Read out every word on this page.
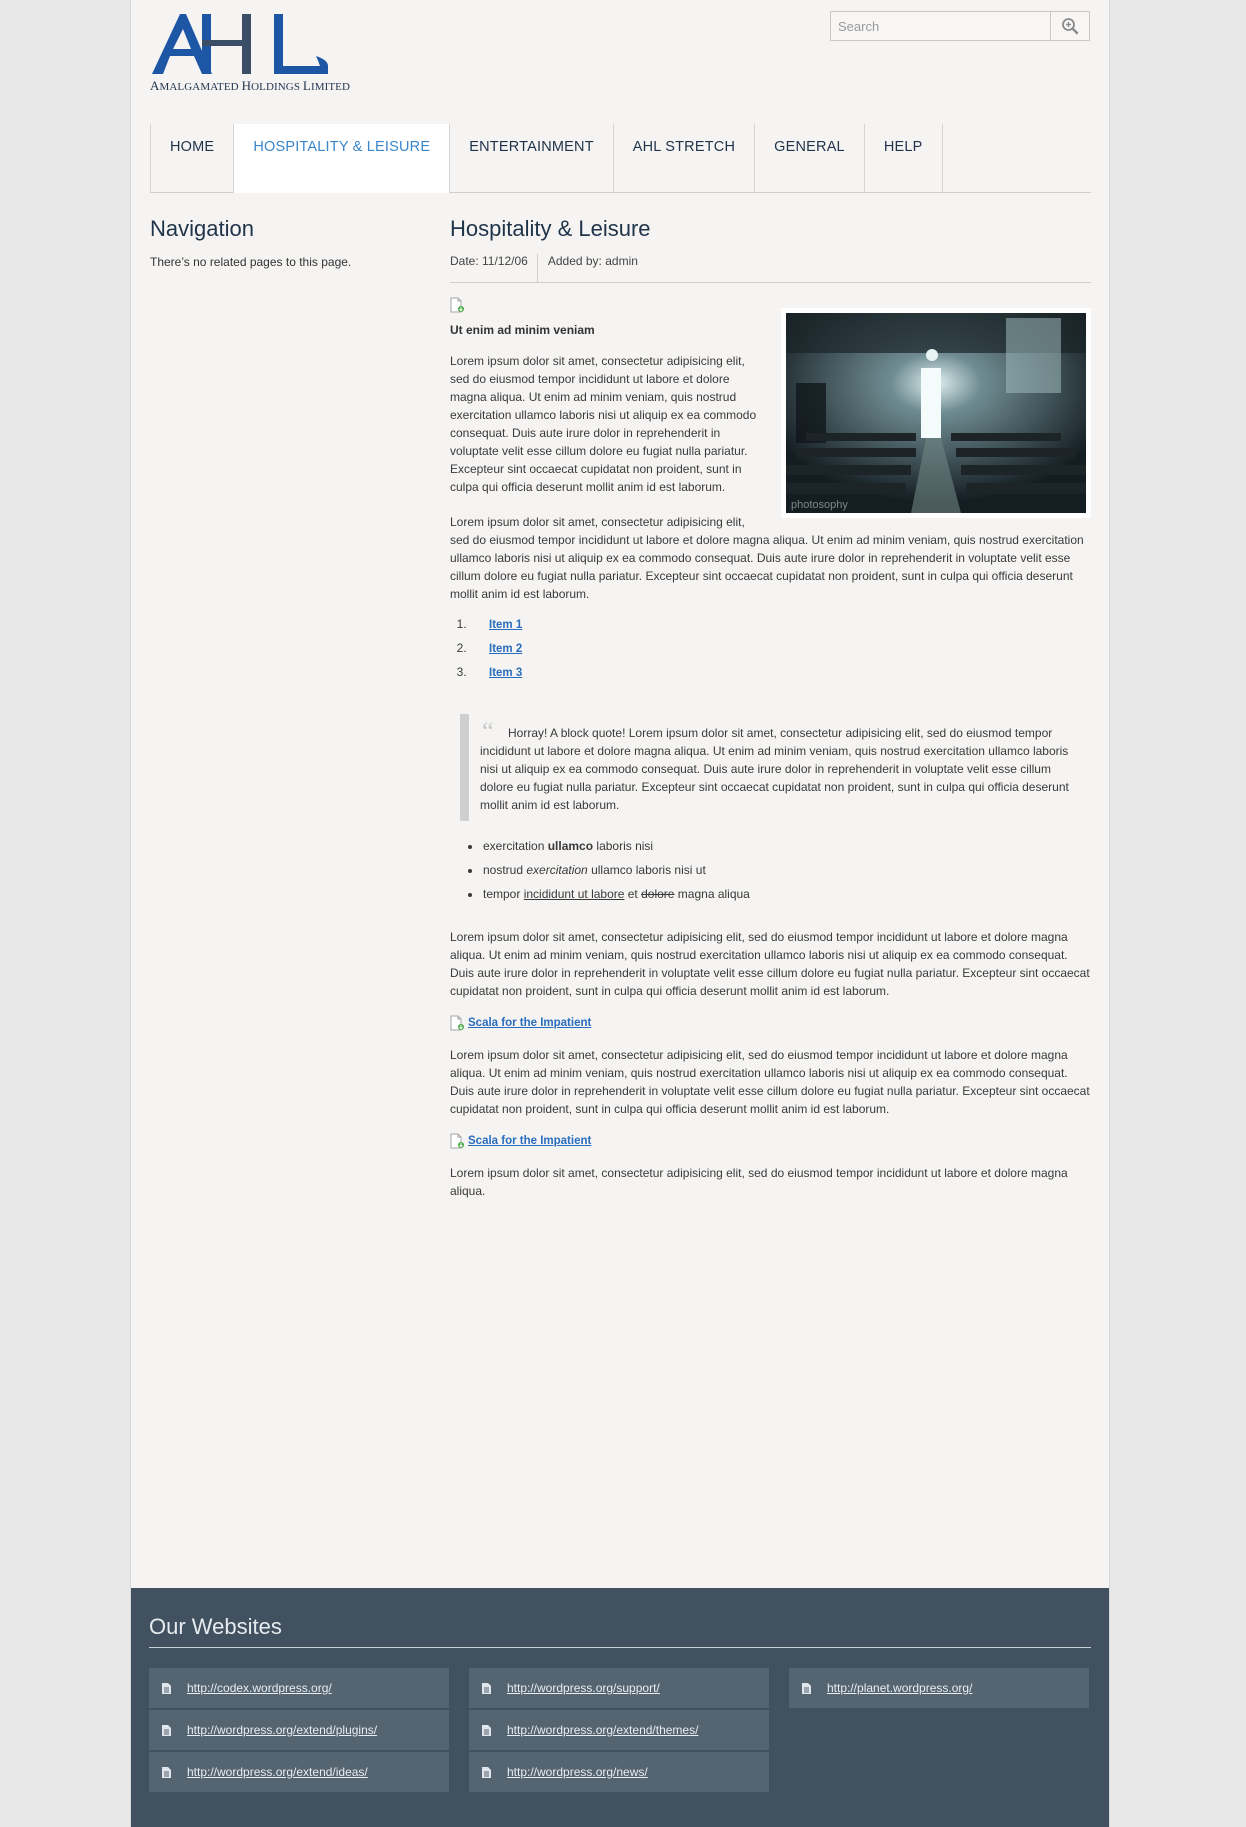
AMALGAMATED HOLDINGS LIMITED
Search
HOME	HOSPITALITY & LEISURE	ENTERTAINMENT	AHL STRETCH	GENERAL	HELP
Navigation
There’s no related pages to this page.
Hospitality & Leisure
Date: 11/12/06	Added by: admin
Ut enim ad minim veniam
Lorem ipsum dolor sit amet, consectetur adipisicing elit, sed do eiusmod tempor incididunt ut labore et dolore magna aliqua. Ut enim ad minim veniam, quis nostrud exercitation ullamco laboris nisi ut aliquip ex ea commodo consequat. Duis aute irure dolor in reprehenderit in voluptate velit esse cillum dolore eu fugiat nulla pariatur. Excepteur sint occaecat cupidatat non proident, sunt in culpa qui officia deserunt mollit anim id est laborum.
photosophy
Lorem ipsum dolor sit amet, consectetur adipisicing elit,
sed do eiusmod tempor incididunt ut labore et dolore magna aliqua. Ut enim ad minim veniam, quis nostrud exercitation ullamco laboris nisi ut aliquip ex ea commodo consequat. Duis aute irure dolor in reprehenderit in voluptate velit esse cillum dolore eu fugiat nulla pariatur. Excepteur sint occaecat cupidatat non proident, sunt in culpa qui officia deserunt mollit anim id est laborum.
1. Item 1
2. Item 2
3. Item 3
“	Horray! A block quote! Lorem ipsum dolor sit amet, consectetur adipisicing elit, sed do eiusmod tempor incididunt ut labore et dolore magna aliqua. Ut enim ad minim veniam, quis nostrud exercitation ullamco laboris nisi ut aliquip ex ea commodo consequat. Duis aute irure dolor in reprehenderit in voluptate velit esse cillum dolore eu fugiat nulla pariatur. Excepteur sint occaecat cupidatat non proident, sunt in culpa qui officia deserunt mollit anim id est laborum.
• exercitation ullamco laboris nisi
• nostrud exercitation ullamco laboris nisi ut
• tempor incididunt ut labore et dolore magna aliqua
Lorem ipsum dolor sit amet, consectetur adipisicing elit, sed do eiusmod tempor incididunt ut labore et dolore magna aliqua. Ut enim ad minim veniam, quis nostrud exercitation ullamco laboris nisi ut aliquip ex ea commodo consequat. Duis aute irure dolor in reprehenderit in voluptate velit esse cillum dolore eu fugiat nulla pariatur. Excepteur sint occaecat cupidatat non proident, sunt in culpa qui officia deserunt mollit anim id est laborum.
Scala for the Impatient
Lorem ipsum dolor sit amet, consectetur adipisicing elit, sed do eiusmod tempor incididunt ut labore et dolore magna aliqua. Ut enim ad minim veniam, quis nostrud exercitation ullamco laboris nisi ut aliquip ex ea commodo consequat. Duis aute irure dolor in reprehenderit in voluptate velit esse cillum dolore eu fugiat nulla pariatur. Excepteur sint occaecat cupidatat non proident, sunt in culpa qui officia deserunt mollit anim id est laborum.
Scala for the Impatient
Lorem ipsum dolor sit amet, consectetur adipisicing elit, sed do eiusmod tempor incididunt ut labore et dolore magna aliqua.
Our Websites
http://codex.wordpress.org/	http://wordpress.org/support/	http://planet.wordpress.org/
http://wordpress.org/extend/plugins/	http://wordpress.org/extend/themes/
http://wordpress.org/extend/ideas/	http://wordpress.org/news/
